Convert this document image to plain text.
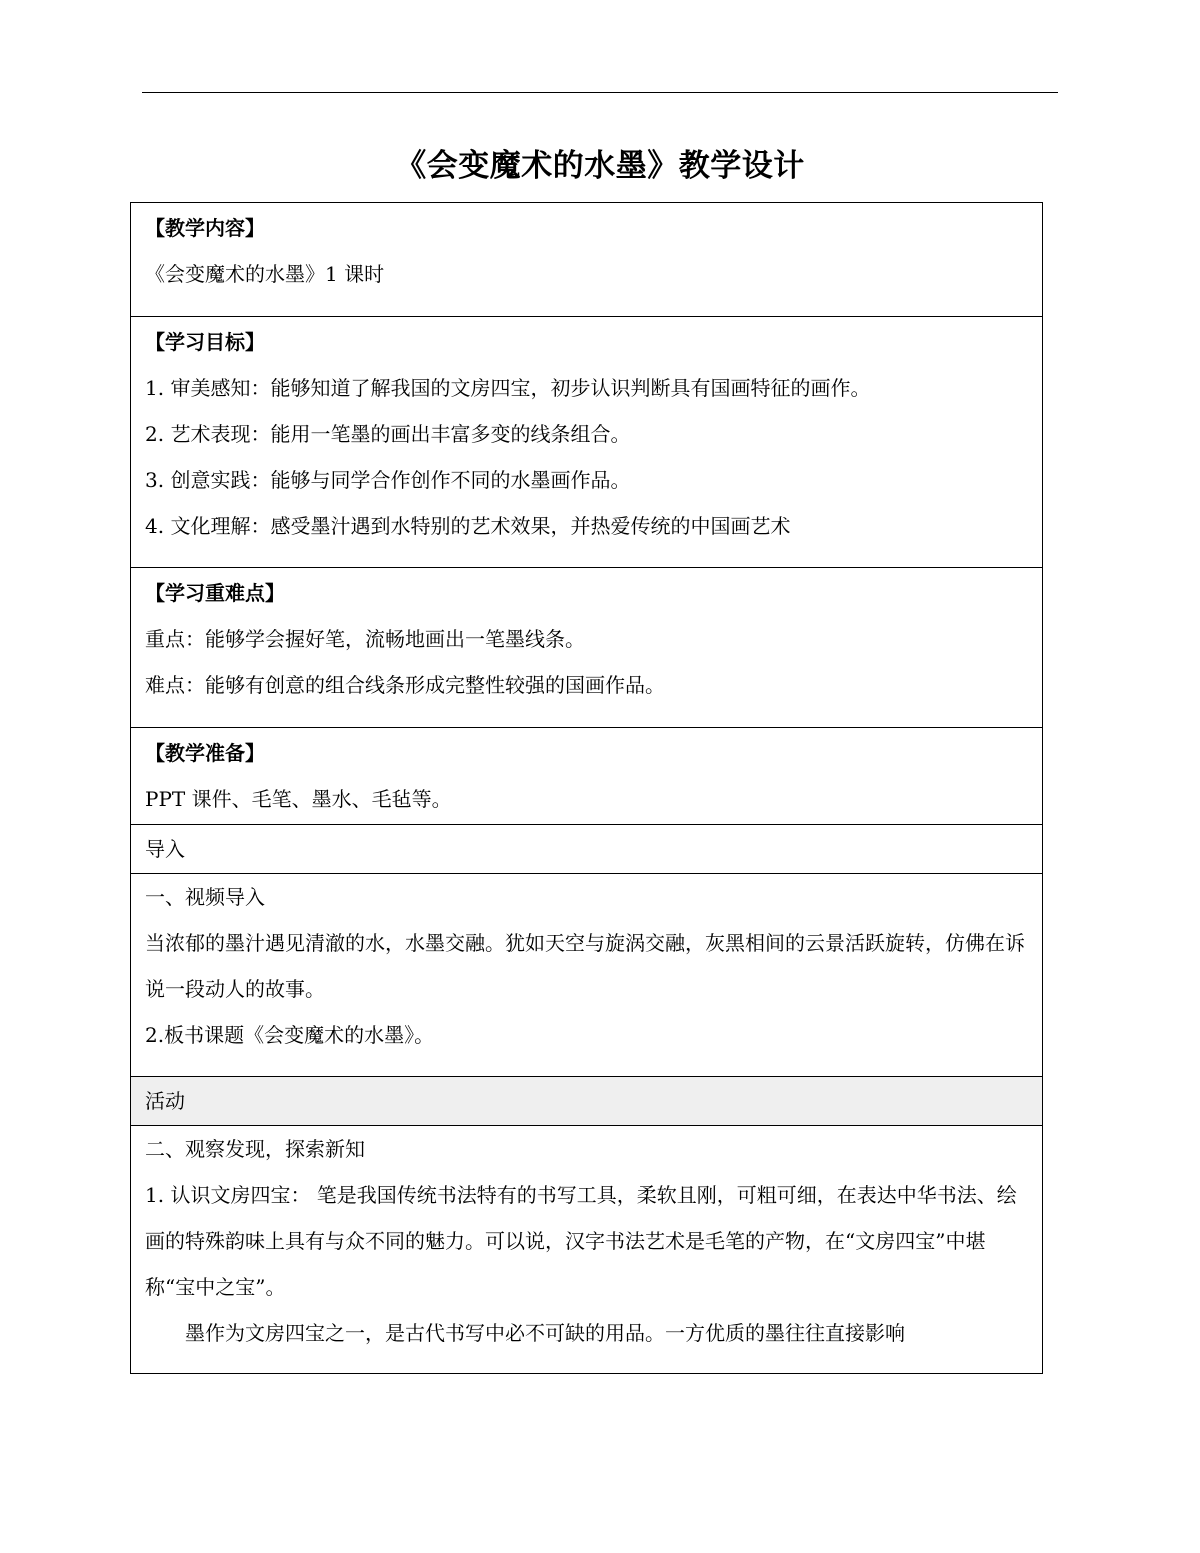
《会变魔术的水墨》教学设计
【教学内容】
《会变魔术的水墨》1 课时

【学习目标】
1. 审美感知：能够知道了解我国的文房四宝，初步认识判断具有国画特征的画作。
2. 艺术表现：能用一笔墨的画出丰富多变的线条组合。
3. 创意实践：能够与同学合作创作不同的水墨画作品。
4. 文化理解：感受墨汁遇到水特别的艺术效果，并热爱传统的中国画艺术

【学习重难点】
重点：能够学会握好笔，流畅地画出一笔墨线条。
难点：能够有创意的组合线条形成完整性较强的国画作品。

【教学准备】
PPT 课件、毛笔、墨水、毛毡等。

导入

一、视频导入

当浓郁的墨汁遇见清澈的水，水墨交融。犹如天空与旋涡交融，灰黑相间的云景活跃旋转，仿佛在诉说一段动人的故事。

2.板书课题《会变魔术的水墨》。

活动

二、观察发现，探索新知

1. 认识文房四宝： 笔是我国传统书法特有的书写工具，柔软且刚，可粗可细，在表达中华书法、绘画的特殊韵味上具有与众不同的魅力。可以说，汉字书法艺术是毛笔的产物，在“文房四宝”中堪称“宝中之宝”。

墨作为文房四宝之一，是古代书写中必不可缺的用品。一方优质的墨往往直接影响
